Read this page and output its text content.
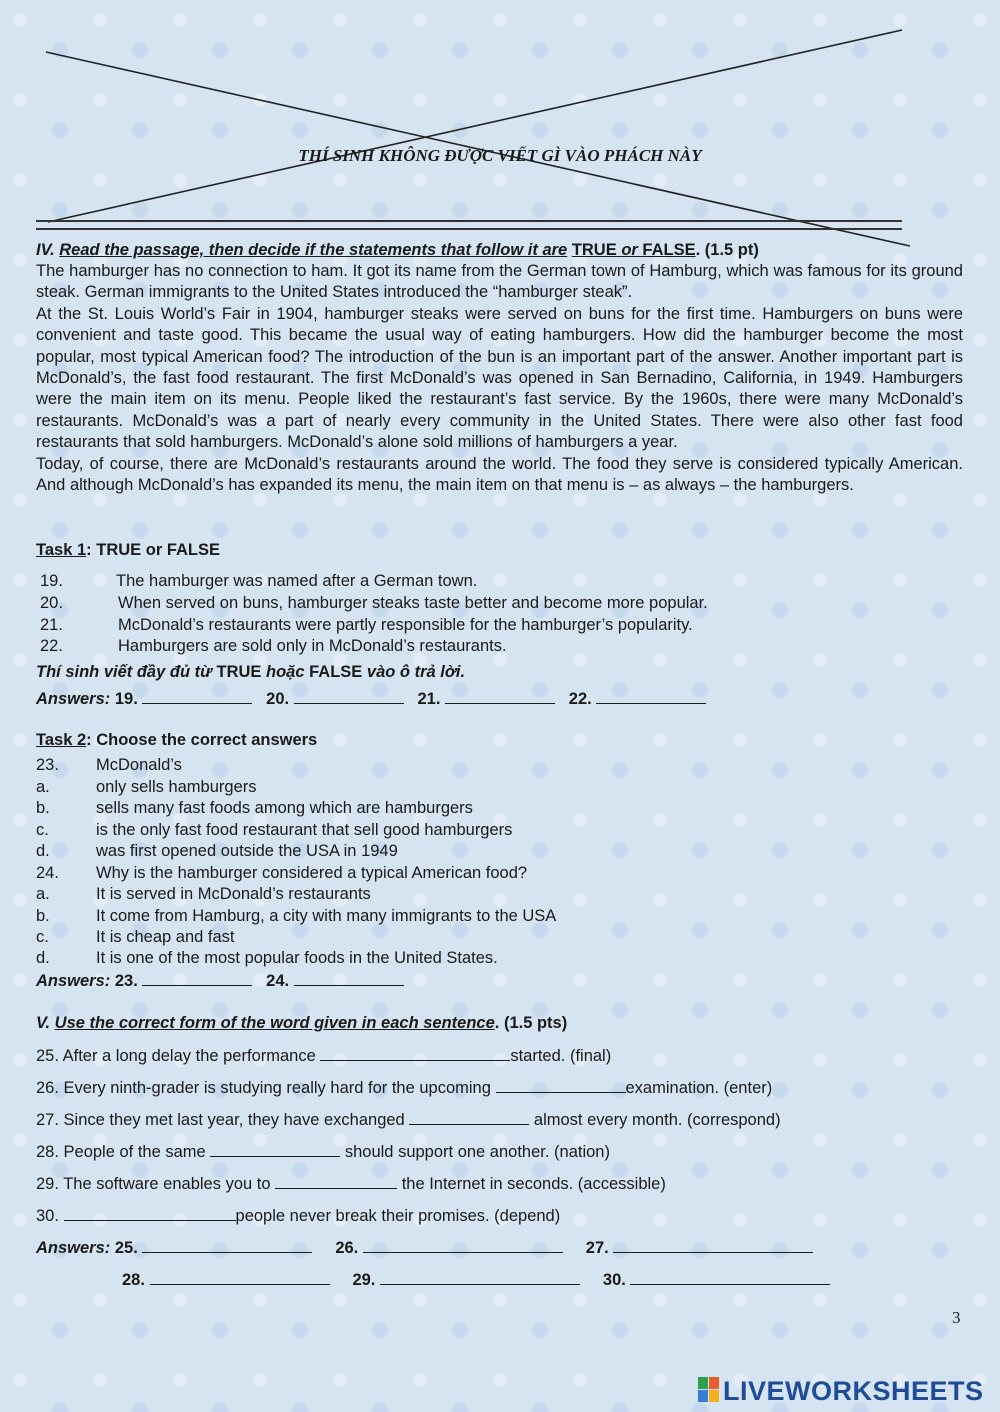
THÍ SINH KHÔNG ĐƯỢC VIẾT GÌ VÀO PHÁCH NÀY
IV. Read the passage, then decide if the statements that follow it are TRUE or FALSE. (1.5 pt)

The hamburger has no connection to ham. It got its name from the German town of Hamburg, which was famous for its ground steak. German immigrants to the United States introduced the “hamburger steak”.

At the St. Louis World’s Fair in 1904, hamburger steaks were served on buns for the first time. Hamburgers on buns were convenient and taste good. This became the usual way of eating hamburgers. How did the hamburger become the most popular, most typical American food? The introduction of the bun is an important part of the answer. Another important part is McDonald’s, the fast food restaurant. The first McDonald’s was opened in San Bernadino, California, in 1949. Hamburgers were the main item on its menu. People liked the restaurant’s fast service. By the 1960s, there were many McDonald’s restaurants. McDonald’s was a part of nearly every community in the United States. There were also other fast food restaurants that sold hamburgers. McDonald’s alone sold millions of hamburgers a year.

Today, of course, there are McDonald’s restaurants around the world. The food they serve is considered typically American. And although McDonald’s has expanded its menu, the main item on that menu is – as always – the hamburgers.

Task 1: TRUE or FALSE
19.	The hamburger was named after a German town.
20.	When served on buns, hamburger steaks taste better and become more popular.
21.	McDonald’s restaurants were partly responsible for the hamburger’s popularity.
22.	Hamburgers are sold only in McDonald’s restaurants.
Thí sinh viết đầy đủ từ TRUE hoặc FALSE vào ô trả lời.
Answers: 19.	20.	21.	22.
Task 2: Choose the correct answers
23. McDonald’s
a.	only sells hamburgers
b.	sells many fast foods among which are hamburgers
c.	is the only fast food restaurant that sell good hamburgers
d.	was first opened outside the USA in 1949
24. Why is the hamburger considered a typical American food?
a.	It is served in McDonald’s restaurants
b.	It come from Hamburg, a city with many immigrants to the USA
c.	It is cheap and fast
d.	It is one of the most popular foods in the United States.
Answers: 23.	24.
V. Use the correct form of the word given in each sentence. (1.5 pts)
25. After a long delay the performance	started. (final)
26. Every ninth-grader is studying really hard for the upcoming	examination. (enter)
27. Since they met last year, they have exchanged	almost every month. (correspond)
28. People of the same	should support one another. (nation)
29. The software enables you to	the Internet in seconds. (accessible)
30.	people never break their promises. (depend)
Answers: 25.	26.	27.
28.	29.	30.
3
LIVEWORKSHEETS
